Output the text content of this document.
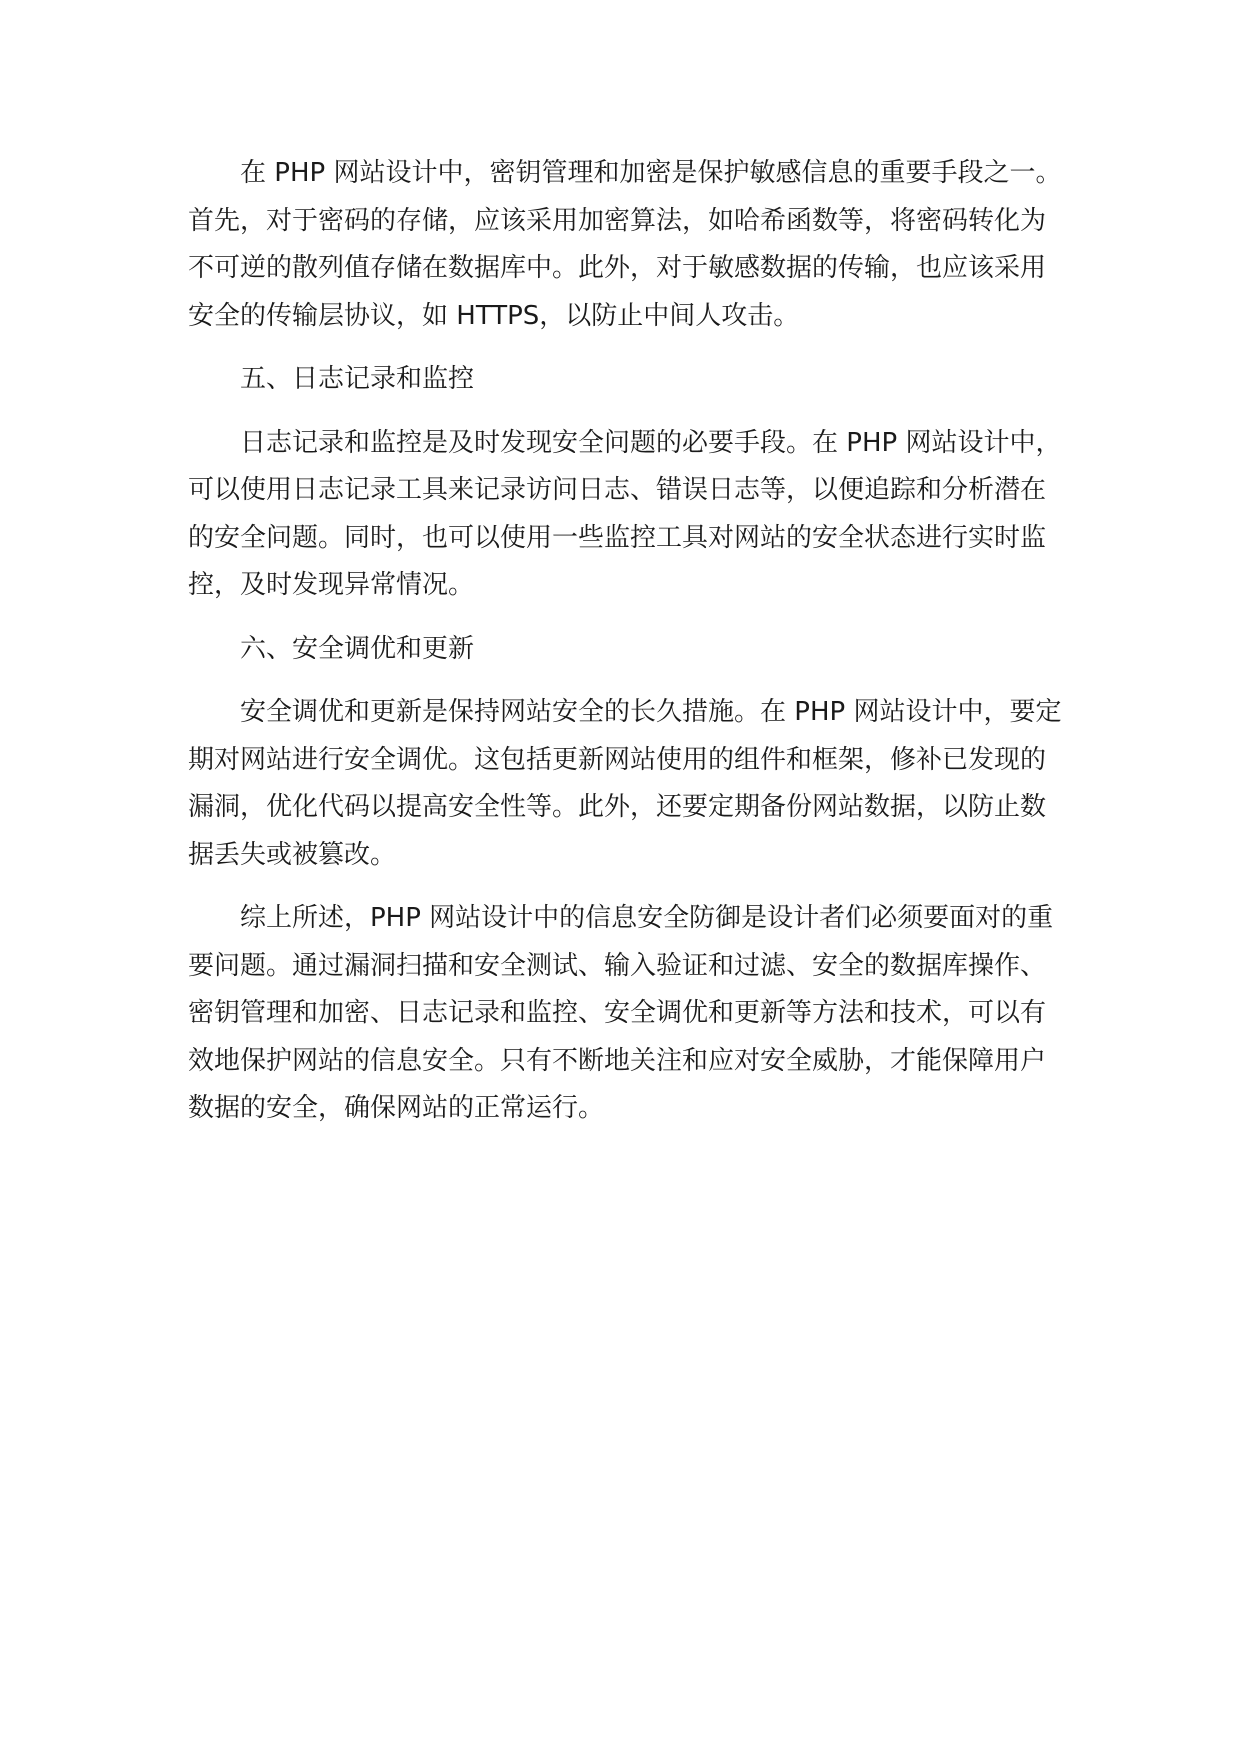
在 PHP 网站设计中，密钥管理和加密是保护敏感信息的重要手段之一。首先，对于密码的存储，应该采用加密算法，如哈希函数等，将密码转化为不可逆的散列值存储在数据库中。此外，对于敏感数据的传输，也应该采用安全的传输层协议，如 HTTPS，以防止中间人攻击。

五、日志记录和监控

日志记录和监控是及时发现安全问题的必要手段。在 PHP 网站设计中，可以使用日志记录工具来记录访问日志、错误日志等，以便追踪和分析潜在的安全问题。同时，也可以使用一些监控工具对网站的安全状态进行实时监控，及时发现异常情况。

六、安全调优和更新

安全调优和更新是保持网站安全的长久措施。在 PHP 网站设计中，要定期对网站进行安全调优。这包括更新网站使用的组件和框架，修补已发现的漏洞，优化代码以提高安全性等。此外，还要定期备份网站数据，以防止数据丢失或被篡改。

综上所述，PHP 网站设计中的信息安全防御是设计者们必须要面对的重要问题。通过漏洞扫描和安全测试、输入验证和过滤、安全的数据库操作、密钥管理和加密、日志记录和监控、安全调优和更新等方法和技术，可以有效地保护网站的信息安全。只有不断地关注和应对安全威胁，才能保障用户数据的安全，确保网站的正常运行。
